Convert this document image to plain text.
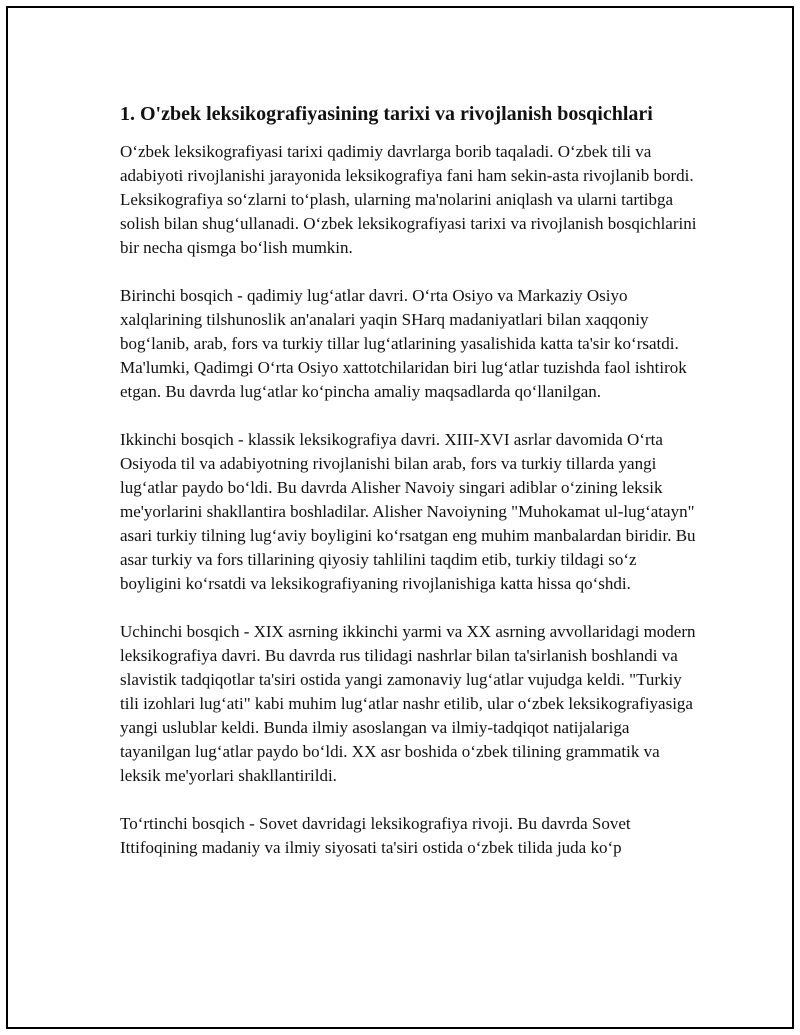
1. O'zbek leksikografiyasining tarixi va rivojlanish bosqichlari

O‘zbek leksikografiyasi tarixi qadimiy davrlarga borib taqaladi. O‘zbek tili va adabiyoti rivojlanishi jarayonida leksikografiya fani ham sekin-asta rivojlanib bordi. Leksikografiya so‘zlarni to‘plash, ularning ma'nolarini aniqlash va ularni tartibga solish bilan shug‘ullanadi. O‘zbek leksikografiyasi tarixi va rivojlanish bosqichlarini bir necha qismga bo‘lish mumkin.

Birinchi bosqich - qadimiy lug‘atlar davri. O‘rta Osiyo va Markaziy Osiyo xalqlarining tilshunoslik an'analari yaqin SHarq madaniyatlari bilan xaqqoniy bog‘lanib, arab, fors va turkiy tillar lug‘atlarining yasalishida katta ta'sir ko‘rsatdi. Ma'lumki, Qadimgi O‘rta Osiyo xattotchilaridan biri lug‘atlar tuzishda faol ishtirok etgan. Bu davrda lug‘atlar ko‘pincha amaliy maqsadlarda qo‘llanilgan.

Ikkinchi bosqich - klassik leksikografiya davri. XIII-XVI asrlar davomida O‘rta Osiyoda til va adabiyotning rivojlanishi bilan arab, fors va turkiy tillarda yangi lug‘atlar paydo bo‘ldi. Bu davrda Alisher Navoiy singari adiblar o‘zining leksik me'yorlarini shakllantira boshladilar. Alisher Navoiyning "Muhokamat ul-lug‘atayn" asari turkiy tilning lug‘aviy boyligini ko‘rsatgan eng muhim manbalardan biridir. Bu asar turkiy va fors tillarining qiyosiy tahlilini taqdim etib, turkiy tildagi so‘z boyligini ko‘rsatdi va leksikografiyaning rivojlanishiga katta hissa qo‘shdi.

Uchinchi bosqich - XIX asrning ikkinchi yarmi va XX asrning avvollaridagi modern leksikografiya davri. Bu davrda rus tilidagi nashrlar bilan ta'sirlanish boshlandi va slavistik tadqiqotlar ta'siri ostida yangi zamonaviy lug‘atlar vujudga keldi. "Turkiy tili izohlari lug‘ati" kabi muhim lug‘atlar nashr etilib, ular o‘zbek leksikografiyasiga yangi uslublar keldi. Bunda ilmiy asoslangan va ilmiy-tadqiqot natijalariga tayanilgan lug‘atlar paydo bo‘ldi. XX asr boshida o‘zbek tilining grammatik va leksik me'yorlari shakllantirildi.

To‘rtinchi bosqich - Sovet davridagi leksikografiya rivoji. Bu davrda Sovet Ittifoqining madaniy va ilmiy siyosati ta'siri ostida o‘zbek tilida juda ko‘p
